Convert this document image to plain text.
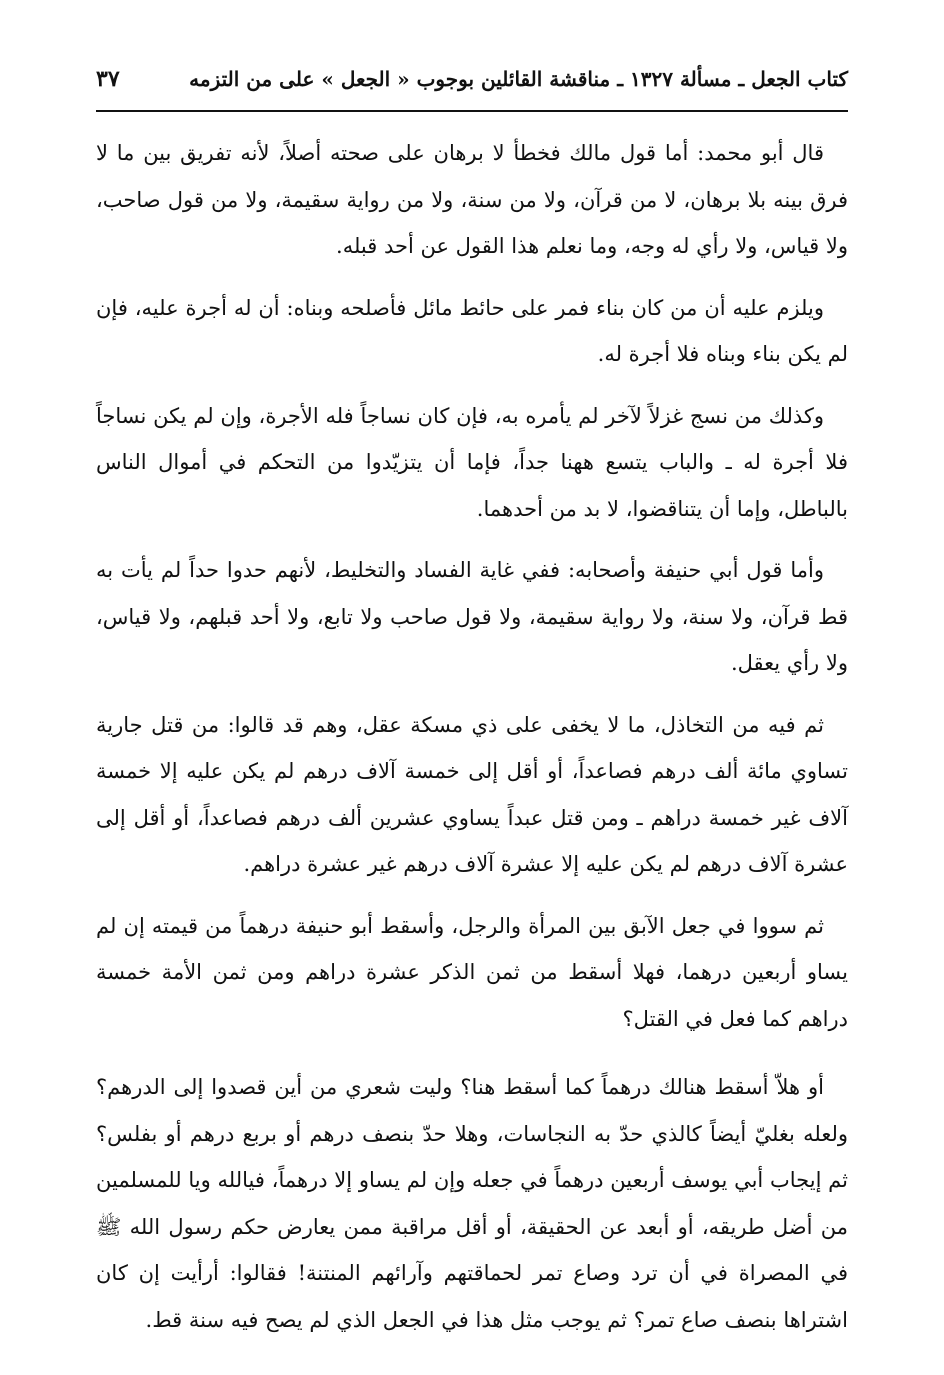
كتاب الجعل ـ مسألة ١٣٢٧ ـ مناقشة القائلين بوجوب « الجعل » على من التزمه
٣٧

قال أبو محمد: أما قول مالك فخطأ لا برهان على صحته أصلاً، لأنه تفريق بين ما لا فرق بينه بلا برهان، لا من قرآن، ولا من سنة، ولا من رواية سقيمة، ولا من قول صاحب، ولا قياس، ولا رأي له وجه، وما نعلم هذا القول عن أحد قبله.

ويلزم عليه أن من كان بناء فمر على حائط مائل فأصلحه وبناه: أن له أجرة عليه، فإن لم يكن بناء وبناه فلا أجرة له.

وكذلك من نسج غزلاً لآخر لم يأمره به، فإن كان نساجاً فله الأجرة، وإن لم يكن نساجاً فلا أجرة له ـ والباب يتسع ههنا جداً، فإما أن يتزيّدوا من التحكم في أموال الناس بالباطل، وإما أن يتناقضوا، لا بد من أحدهما.

وأما قول أبي حنيفة وأصحابه: ففي غاية الفساد والتخليط، لأنهم حدوا حداً لم يأت به قط قرآن، ولا سنة، ولا رواية سقيمة، ولا قول صاحب ولا تابع، ولا أحد قبلهم، ولا قياس، ولا رأي يعقل.

ثم فيه من التخاذل، ما لا يخفى على ذي مسكة عقل، وهم قد قالوا: من قتل جارية تساوي مائة ألف درهم فصاعداً، أو أقل إلى خمسة آلاف درهم لم يكن عليه إلا خمسة آلاف غير خمسة دراهم ـ ومن قتل عبداً يساوي عشرين ألف درهم فصاعداً، أو أقل إلى عشرة آلاف درهم لم يكن عليه إلا عشرة آلاف درهم غير عشرة دراهم.

ثم سووا في جعل الآبق بين المرأة والرجل، وأسقط أبو حنيفة درهماً من قيمته إن لم يساو أربعين درهما، فهلا أسقط من ثمن الذكر عشرة دراهم ومن ثمن الأمة خمسة دراهم كما فعل في القتل؟

أو هلاّ أسقط هنالك درهماً كما أسقط هنا؟ وليت شعري من أين قصدوا إلى الدرهم؟ ولعله بغليّ أيضاً كالذي حدّ به النجاسات، وهلا حدّ بنصف درهم أو بربع درهم أو بفلس؟ ثم إيجاب أبي يوسف أربعين درهماً في جعله وإن لم يساو إلا درهماً، فيالله ويا للمسلمين من أضل طريقه، أو أبعد عن الحقيقة، أو أقل مراقبة ممن يعارض حكم رسول الله ﷺ في المصراة في أن ترد وصاع تمر لحماقتهم وآرائهم المنتنة! فقالوا: أرأيت إن كان اشتراها بنصف صاع تمر؟ ثم يوجب مثل هذا في الجعل الذي لم يصح فيه سنة قط.
